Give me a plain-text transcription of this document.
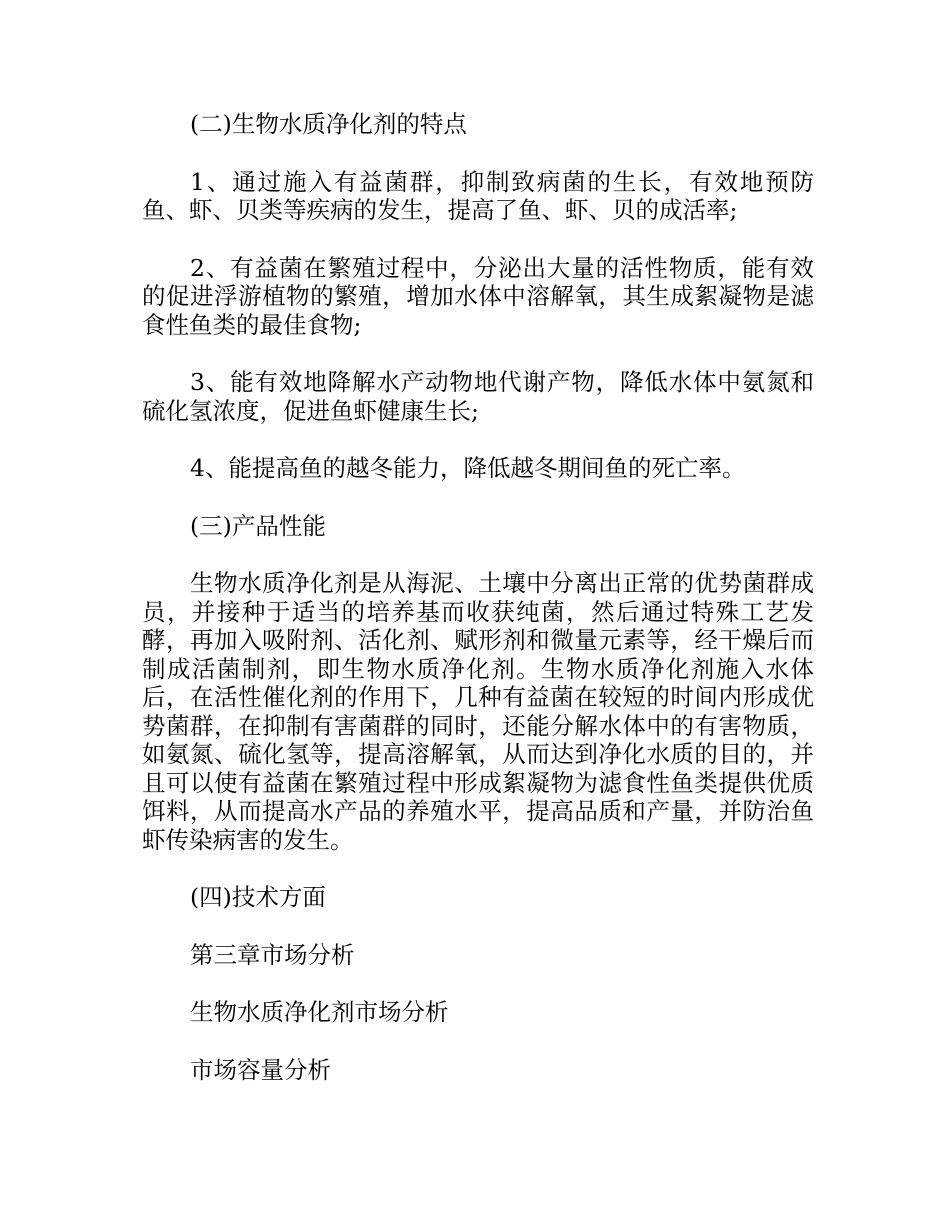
(二)生物水质净化剂的特点

1、通过施入有益菌群，抑制致病菌的生长，有效地预防鱼、虾、贝类等疾病的发生，提高了鱼、虾、贝的成活率;

2、有益菌在繁殖过程中，分泌出大量的活性物质，能有效的促进浮游植物的繁殖，增加水体中溶解氧，其生成絮凝物是滤食性鱼类的最佳食物;

3、能有效地降解水产动物地代谢产物，降低水体中氨氮和硫化氢浓度，促进鱼虾健康生长;

4、能提高鱼的越冬能力，降低越冬期间鱼的死亡率。

(三)产品性能

生物水质净化剂是从海泥、土壤中分离出正常的优势菌群成员，并接种于适当的培养基而收获纯菌，然后通过特殊工艺发酵，再加入吸附剂、活化剂、赋形剂和微量元素等，经干燥后而制成活菌制剂，即生物水质净化剂。生物水质净化剂施入水体后，在活性催化剂的作用下，几种有益菌在较短的时间内形成优势菌群，在抑制有害菌群的同时，还能分解水体中的有害物质，如氨氮、硫化氢等，提高溶解氧，从而达到净化水质的目的，并且可以使有益菌在繁殖过程中形成絮凝物为滤食性鱼类提供优质饵料，从而提高水产品的养殖水平，提高品质和产量，并防治鱼虾传染病害的发生。

(四)技术方面

第三章市场分析

生物水质净化剂市场分析

市场容量分析
